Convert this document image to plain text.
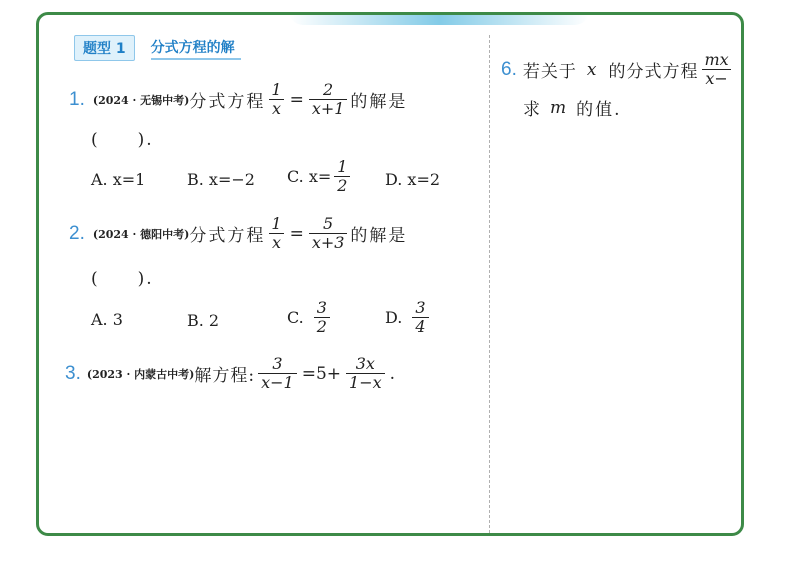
题型 1	分式方程的解
1. (2024 · 无锡中考) 分式方程 $\frac{1}{x} = \frac{2}{x+1}$ 的解是
(　　).
A. x=1	B. x=−2 C. $x= \frac{1}{2} D$. x=2
2. (2024 · 德阳中考) 分式方程 $\frac{1}{x} = \frac{5}{x+3}$ 的解是
(　　).
A. 3	B. 2	C. $\frac{3}{2}$	D. $\frac{3}{4}$
3. (2023 · 内蒙古中考) 解方程: $\frac{3}{x-1} =5+ \frac{3x}{1-x}$ .
6. 若关于 x 的分式方程 $\frac{mx}{x-}$
求 m 的值.
